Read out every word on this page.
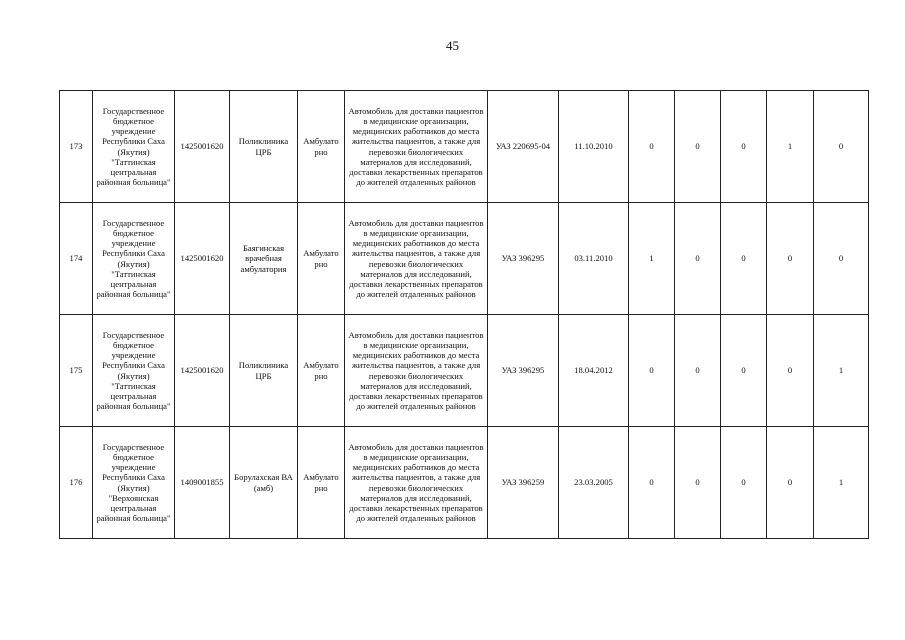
45
173	Государственное бюджетное учреждение Республики Саха (Якутия) "Таттинская центральная районная больница"	1425001620	Поликлиника ЦРБ	Амбулато рно	Автомобиль для доставки пациентов в медицинские организации, медицинских работников до места жительства пациентов, а также для перевозки биологических материалов для исследований, доставки лекарственных препаратов до жителей отдаленных районов	УАЗ 220695-04	11.10.2010	0	0	0	1	0
174	Государственное бюджетное учреждение Республики Саха (Якутия) "Таттинская центральная районная больница"	1425001620	Баягинская врачебная амбулатория	Амбулато рно	Автомобиль для доставки пациентов в медицинские организации, медицинских работников до места жительства пациентов, а также для перевозки биологических материалов для исследований, доставки лекарственных препаратов до жителей отдаленных районов	УАЗ 396295	03.11.2010	1	0	0	0	0
175	Государственное бюджетное учреждение Республики Саха (Якутия) "Таттинская центральная районная больница"	1425001620	Поликлиника ЦРБ	Амбулато рно	Автомобиль для доставки пациентов в медицинские организации, медицинских работников до места жительства пациентов, а также для перевозки биологических материалов для исследований, доставки лекарственных препаратов до жителей отдаленных районов	УАЗ 396295	18.04.2012	0	0	0	0	1
176	Государственное бюджетное учреждение Республики Саха (Якутия) "Верхоянская центральная районная больница"	1409001855	Борулахская ВА (амб)	Амбулато рно	Автомобиль для доставки пациентов в медицинские организации, медицинских работников до места жительства пациентов, а также для перевозки биологических материалов для исследований, доставки лекарственных препаратов до жителей отдаленных районов	УАЗ 396259	23.03.2005	0	0	0	0	1
